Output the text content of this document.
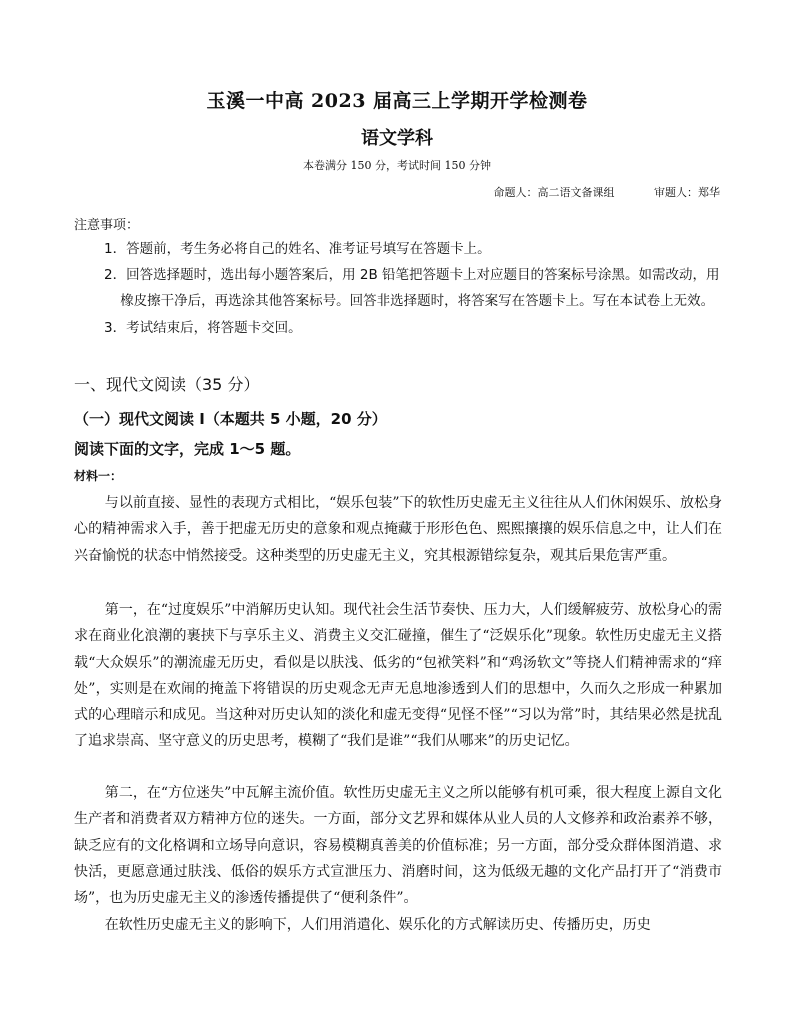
玉溪一中高 2023 届高三上学期开学检测卷
语文学科
本卷满分 150 分，考试时间 150 分钟
命题人：高二语文备课组	审题人：郑华
注意事项：
1．答题前，考生务必将自己的姓名、准考证号填写在答题卡上。
2．回答选择题时，选出每小题答案后，用 2B 铅笔把答题卡上对应题目的答案标号涂黑。如需改动，用橡皮擦干净后，再选涂其他答案标号。回答非选择题时，将答案写在答题卡上。写在本试卷上无效。
3．考试结束后，将答题卡交回。
一、现代文阅读（35 分）
（一）现代文阅读 I（本题共 5 小题，20 分）
阅读下面的文字，完成 1～5 题。
材料一：
与以前直接、显性的表现方式相比，“娱乐包装”下的软性历史虚无主义往往从人们休闲娱乐、放松身心的精神需求入手，善于把虚无历史的意象和观点掩藏于形形色色、熙熙攘攘的娱乐信息之中，让人们在兴奋愉悦的状态中悄然接受。这种类型的历史虚无主义，究其根源错综复杂，观其后果危害严重。
第一，在“过度娱乐”中消解历史认知。现代社会生活节奏快、压力大，人们缓解疲劳、放松身心的需求在商业化浪潮的裹挟下与享乐主义、消费主义交汇碰撞，催生了“泛娱乐化”现象。软性历史虚无主义搭载“大众娱乐”的潮流虚无历史，看似是以肤浅、低劣的“包袱笑料”和“鸡汤软文”等挠人们精神需求的“痒处”，实则是在欢闹的掩盖下将错误的历史观念无声无息地渗透到人们的思想中，久而久之形成一种累加式的心理暗示和成见。当这种对历史认知的淡化和虚无变得“见怪不怪”“习以为常”时，其结果必然是扰乱了追求崇高、坚守意义的历史思考，模糊了“我们是谁”“我们从哪来”的历史记忆。
第二，在“方位迷失”中瓦解主流价值。软性历史虚无主义之所以能够有机可乘，很大程度上源自文化生产者和消费者双方精神方位的迷失。一方面，部分文艺界和媒体从业人员的人文修养和政治素养不够，缺乏应有的文化格调和立场导向意识，容易模糊真善美的价值标准；另一方面，部分受众群体图消遣、求快活，更愿意通过肤浅、低俗的娱乐方式宣泄压力、消磨时间，这为低级无趣的文化产品打开了“消费市场”，也为历史虚无主义的渗透传播提供了“便利条件”。
在软性历史虚无主义的影响下，人们用消遣化、娱乐化的方式解读历史、传播历史，历史
